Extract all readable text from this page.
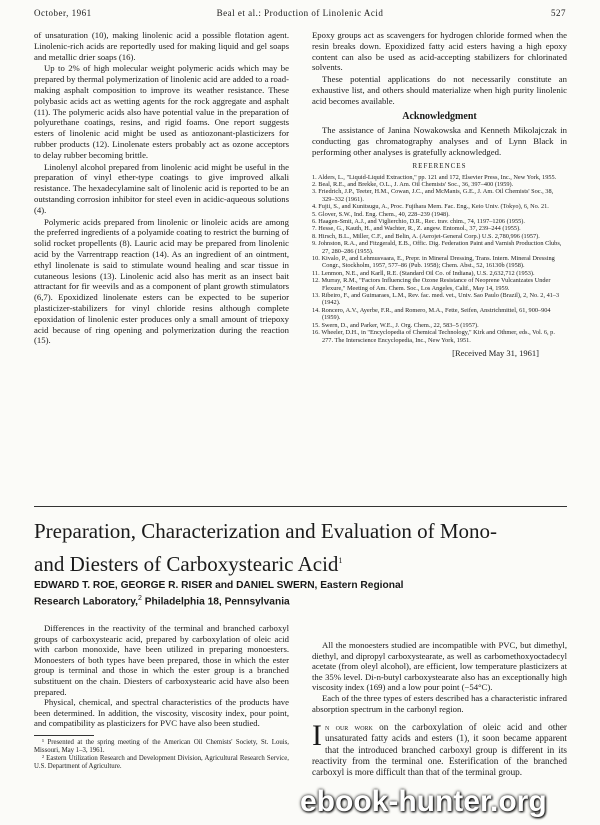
October, 1961	Beal et al.: Production of Linolenic Acid	527

of unsaturation (10), making linolenic acid a possible flotation agent. Linolenic-rich acids are reportedly used for making liquid and gel soaps and metallic drier soaps (16).

Up to 2% of high molecular weight polymeric acids which may be prepared by thermal polymerization of linolenic acid are added to a road-making asphalt composition to improve its weather resistance. These polybasic acids act as wetting agents for the rock aggregate and asphalt (11). The polymeric acids also have potential value in the preparation of polyurethane coatings, resins, and rigid foams. One report suggests esters of linolenic acid might be used as antiozonant-plasticizers for rubber products (12). Linolenate esters probably act as ozone acceptors to delay rubber becoming brittle.

Linolenyl alcohol prepared from linolenic acid might be useful in the preparation of vinyl ether-type coatings to give improved alkali resistance. The hexadecylamine salt of linolenic acid is reported to be an outstanding corrosion inhibitor for steel even in acidic-aqueous solutions (4).

Polymeric acids prepared from linolenic or linoleic acids are among the preferred ingredients of a polyamide coating to restrict the burning of solid rocket propellents (8). Lauric acid may be prepared from linolenic acid by the Varrentrapp reaction (14). As an ingredient of an ointment, ethyl linolenate is said to stimulate wound healing and scar tissue in cutaneous lesions (13). Linolenic acid also has merit as an insect bait attractant for fir weevils and as a component of plant growth stimulators (6,7). Epoxidized linolenate esters can be expected to be superior plasticizer-stabilizers for vinyl chloride resins although complete epoxidation of linolenic ester produces only a small amount of triepoxy acid because of ring opening and polymerization during the reaction (15).

Epoxy groups act as scavengers for hydrogen chloride formed when the resin breaks down. Epoxidized fatty acid esters having a high epoxy content can also be used as acid-accepting stabilizers for chlorinated solvents.

These potential applications do not necessarily constitute an exhaustive list, and others should materialize when high purity linolenic acid becomes available.

Acknowledgment

The assistance of Janina Nowakowska and Kenneth Mikolajczak in conducting gas chromatography analyses and of Lynn Black in performing other analyses is gratefully acknowledged.

REFERENCES
1. Alders, L., "Liquid-Liquid Extraction," pp. 121 and 172, Elsevier Press, Inc., New York, 1955.
2. Beal, R.E., and Brekke, O.L., J. Am. Oil Chemists' Soc., 36, 397–400 (1959).
3. Friedrich, J.P., Teeter, H.M., Cowan, J.C., and McManis, G.E., J. Am. Oil Chemists' Soc., 38, 329–332 (1961).
4. Fujii, S., and Kunitsugu, A., Proc. Fujihara Mem. Fac. Eng., Keio Univ. (Tokyo), 6, No. 21.
5. Glover, S.W., Ind. Eng. Chem., 40, 228–239 (1948).
6. Haagen-Smit, A.J., and Viglierchio, D.R., Rec. trav. chim., 74, 1197–1206 (1955).
7. Hesse, G., Kauth, H., and Wachter, R., Z. angew. Entomol., 37, 239–244 (1955).
8. Hirsch, B.L., Miller, C.F., and Belin, A. (Aerojet-General Corp.) U.S. 2,780,996 (1957).
9. Johnston, R.A., and Fitzgerald, E.B., Offic. Dig. Federation Paint and Varnish Production Clubs, 27, 280–286 (1955).
10. Kivalo, P., and Lehmusvaara, E., Prepr. in Mineral Dressing, Trans. Intern. Mineral Dressing Congr., Stockholm, 1957, 577–86 (Pub. 1958); Chem. Abst., 52, 16130b (1958).
11. Lenmon, N.E., and Karll, R.E. (Standard Oil Co. of Indiana), U.S. 2,632,712 (1953).
12. Murray, R.M., "Factors Influencing the Ozone Resistance of Neoprene Vulcanizates Under Flexure," Meeting of Am. Chem. Soc., Los Angeles, Calif., May 14, 1959.
13. Ribeiro, F., and Guimaraes, L.M., Rev. fac. med. vet., Univ. Sao Paulo (Brazil), 2, No. 2, 41–3 (1942).
14. Roncero, A.V., Ayerbe, F.R., and Romero, M.A., Fette, Seifen, Anstrichmittel, 61, 900–904 (1959).
15. Swern, D., and Parker, W.E., J. Org. Chem., 22, 583–5 (1957).
16. Wheeler, D.H., in "Encyclopedia of Chemical Technology," Kirk and Othmer, eds., Vol. 6, p. 277. The Interscience Encyclopedia, Inc., New York, 1951.
[Received May 31, 1961]
Preparation, Characterization and Evaluation of Mono-
and Diesters of Carboxystearic Acid$^1$
EDWARD T. ROE, GEORGE R. RISER and DANIEL SWERN, Eastern Regional
Research Laboratory,$^2$ Philadelphia 18, Pennsylvania

Differences in the reactivity of the terminal and branched carboxyl groups of carboxystearic acid, prepared by carboxylation of oleic acid with carbon monoxide, have been utilized in preparing monoesters. Monoesters of both types have been prepared, those in which the ester group is terminal and those in which the ester group is a branched substituent on the chain. Diesters of carboxystearic acid have also been prepared.

Physical, chemical, and spectral characteristics of the products have been determined. In addition, the viscosity, viscosity index, pour point, and compatibility as plasticizers for PVC have also been studied.

¹ Presented at the spring meeting of the American Oil Chemists' Society, St. Louis, Missouri, May 1–3, 1961.
² Eastern Utilization Research and Development Division, Agricultural Research Service, U.S. Department of Agriculture.

All the monoesters studied are incompatible with PVC, but dimethyl, diethyl, and dipropyl carboxystearate, as well as carbomethoxyoctadecyl acetate (from oleyl alcohol), are efficient, low temperature plasticizers at the 35% level. Di-n-butyl carboxystearate also has an exceptionally high viscosity index (169) and a low pour point (−54°C).

Each of the three types of esters described has a characteristic infrared absorption spectrum in the carbonyl region.

In our work on the carboxylation of oleic acid and other unsaturated fatty acids and esters (1), it soon became apparent that the introduced branched carboxyl group is different in its reactivity from the terminal one. Esterification of the branched carboxyl is more difficult than that of the terminal group.

ebook-hunter.org
